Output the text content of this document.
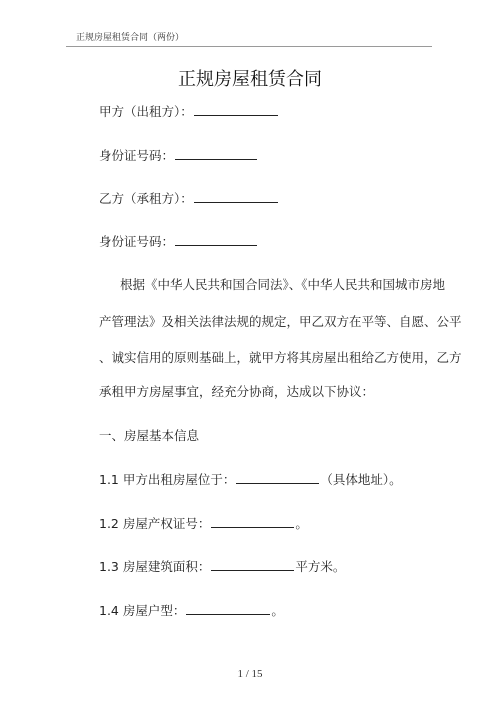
正规房屋租赁合同（两份）
正规房屋租赁合同
甲方（出租方）：
身份证号码：
乙方（承租方）：
身份证号码：
根据《中华人民共和国合同法》、《中华人民共和国城市房地
产管理法》及相关法律法规的规定，甲乙双方在平等、自愿、公平
、诚实信用的原则基础上，就甲方将其房屋出租给乙方使用，乙方
承租甲方房屋事宜，经充分协商，达成以下协议：
一、房屋基本信息
1.1 甲方出租房屋位于：	（具体地址）。
1.2 房屋产权证号：	。
1.3 房屋建筑面积：	平方米。
1.4 房屋户型：	。
1 / 15
